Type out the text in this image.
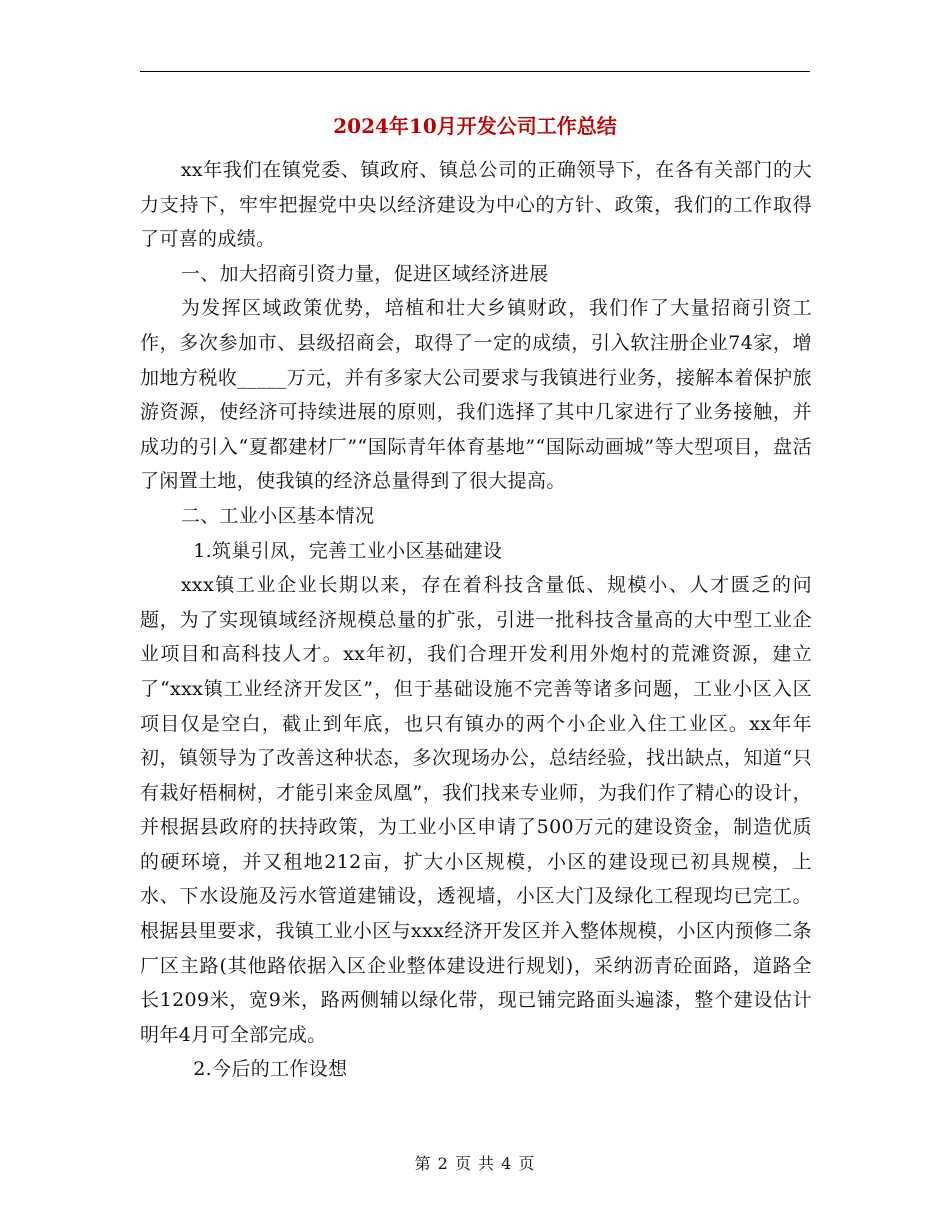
2024年10月开发公司工作总结

xx年我们在镇党委、镇政府、镇总公司的正确领导下，在各有关部门的大力支持下，牢牢把握党中央以经济建设为中心的方针、政策，我们的工作取得了可喜的成绩。

一、加大招商引资力量，促进区域经济进展

为发挥区域政策优势，培植和壮大乡镇财政，我们作了大量招商引资工作，多次参加市、县级招商会，取得了一定的成绩，引入软注册企业74家，增加地方税收_____万元，并有多家大公司要求与我镇进行业务，接解本着保护旅游资源，使经济可持续进展的原则，我们选择了其中几家进行了业务接触，并成功的引入“夏都建材厂”“国际青年体育基地”“国际动画城”等大型项目，盘活了闲置土地，使我镇的经济总量得到了很大提高。

二、工业小区基本情况

1.筑巢引凤，完善工业小区基础建设

xxx镇工业企业长期以来，存在着科技含量低、规模小、人才匮乏的问题，为了实现镇域经济规模总量的扩张，引进一批科技含量高的大中型工业企业项目和高科技人才。xx年初，我们合理开发利用外炮村的荒滩资源，建立了“xxx镇工业经济开发区”，但于基础设施不完善等诸多问题，工业小区入区项目仅是空白，截止到年底，也只有镇办的两个小企业入住工业区。xx年年初，镇领导为了改善这种状态，多次现场办公，总结经验，找出缺点，知道“只有栽好梧桐树，才能引来金凤凰”，我们找来专业师，为我们作了精心的设计，并根据县政府的扶持政策，为工业小区申请了500万元的建设资金，制造优质的硬环境，并又租地212亩，扩大小区规模，小区的建设现已初具规模，上水、下水设施及污水管道建铺设，透视墙，小区大门及绿化工程现均已完工。根据县里要求，我镇工业小区与xxx经济开发区并入整体规模，小区内预修二条厂区主路(其他路依据入区企业整体建设进行规划)，采纳沥青砼面路，道路全长1209米，宽9米，路两侧辅以绿化带，现已铺完路面头遍漆，整个建设估计明年4月可全部完成。

2.今后的工作设想

第 2 页 共 4 页
